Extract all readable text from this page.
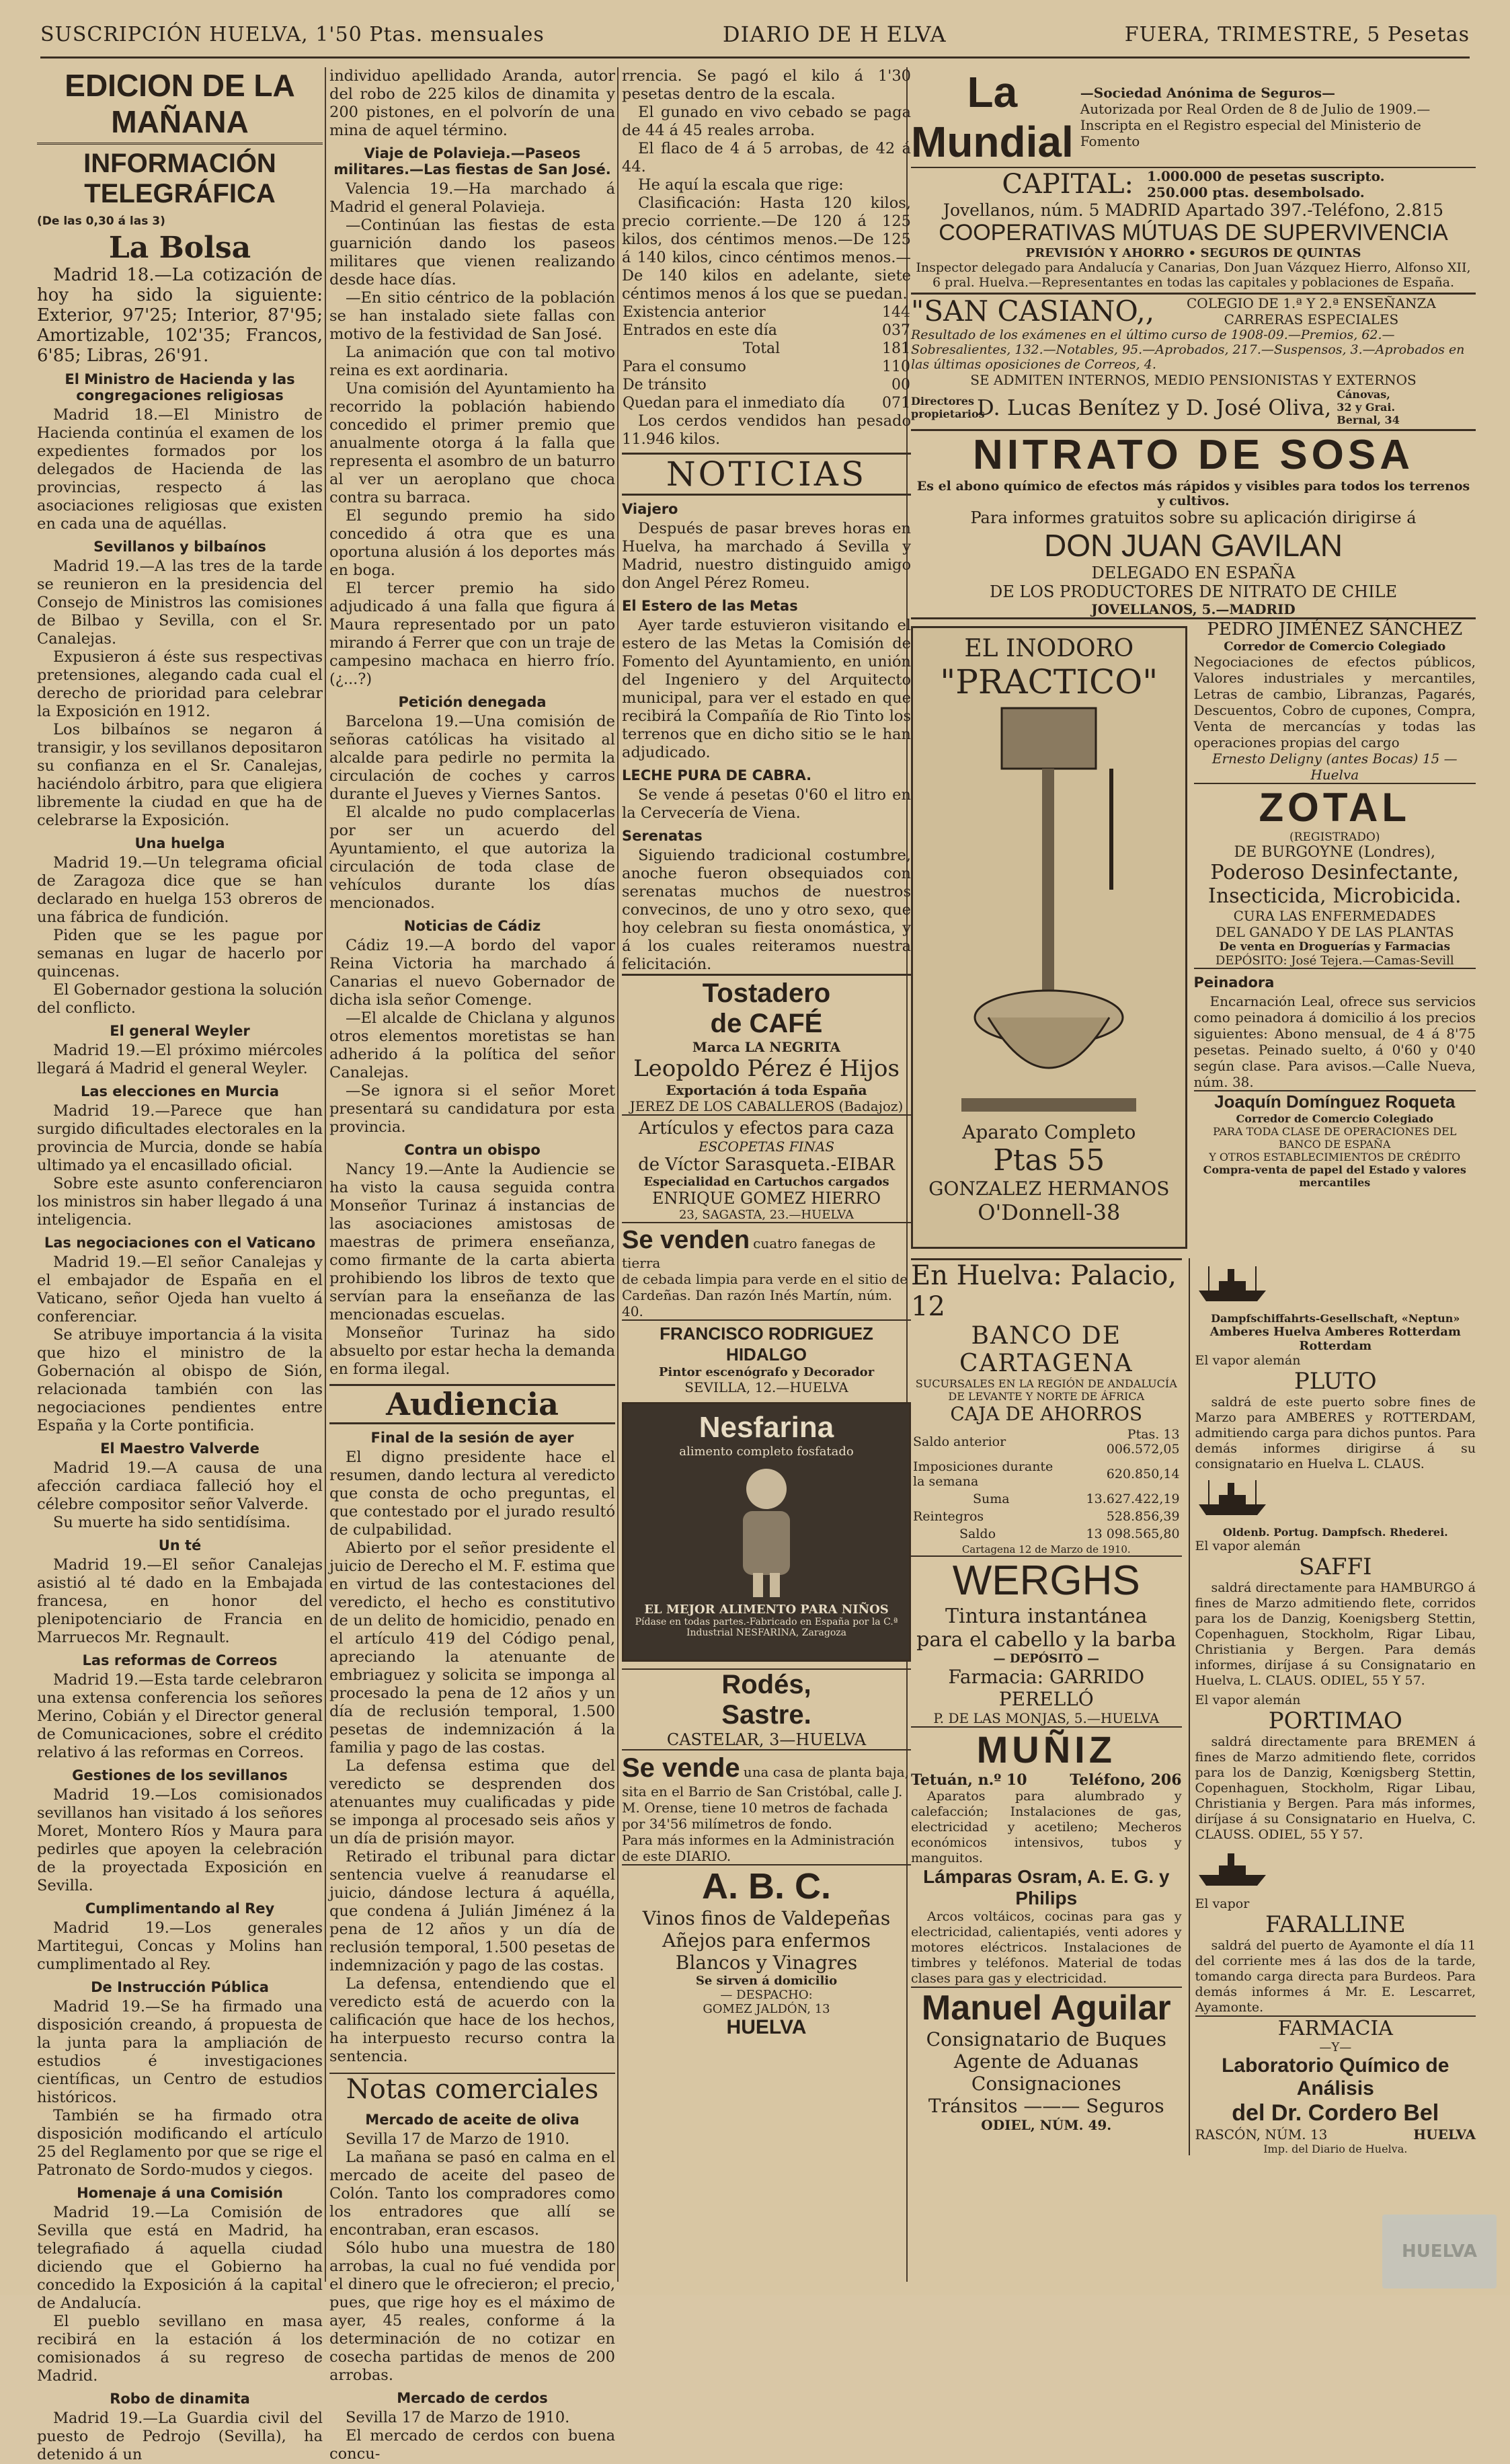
SUSCRIPCIÓN HUELVA, 1'50 Ptas. mensuales	DIARIO DE H ELVA	FUERA, TRIMESTRE, 5 Pesetas
EDICION DE LA MAÑANA
INFORMACIÓN TELEGRÁFICA
(De las 0,30 á las 3)
La Bolsa

Madrid 18.—La cotización de hoy ha sido la siguiente: Exterior, 97'25; Interior, 87'95; Amortizable, 102'35; Francos, 6'85; Libras, 26'91.

El Ministro de Hacienda y las congregaciones religiosas

Madrid 18.—El Ministro de Hacienda continúa el examen de los expedientes formados por los delegados de Hacienda de las provincias, respecto á las asociaciones religiosas que existen en cada una de aquéllas.

Sevillanos y bilbaínos

Madrid 19.—A las tres de la tarde se reunieron en la presidencia del Consejo de Ministros las comisiones de Bilbao y Sevilla, con el Sr. Canalejas.

Expusieron á éste sus respectivas pretensiones, alegando cada cual el derecho de prioridad para celebrar la Exposición en 1912.

Los bilbaínos se negaron á transigir, y los sevillanos depositaron su confianza en el Sr. Canalejas, haciéndolo árbitro, para que eligiera libremente la ciudad en que ha de celebrarse la Exposición.

Una huelga

Madrid 19.—Un telegrama oficial de Zaragoza dice que se han declarado en huelga 153 obreros de una fábrica de fundición.

Piden que se les pague por semanas en lugar de hacerlo por quincenas.

El Gobernador gestiona la solución del conflicto.

El general Weyler

Madrid 19.—El próximo miércoles llegará á Madrid el general Weyler.

Las elecciones en Murcia

Madrid 19.—Parece que han surgido dificultades electorales en la provincia de Murcia, donde se había ultimado ya el encasillado oficial.

Sobre este asunto conferenciaron los ministros sin haber llegado á una inteligencia.

Las negociaciones con el Vaticano

Madrid 19.—El señor Canalejas y el embajador de España en el Vaticano, señor Ojeda han vuelto á conferenciar.

Se atribuye importancia á la visita que hizo el ministro de la Gobernación al obispo de Sión, relacionada también con las negociaciones pendientes entre España y la Corte pontificia.

El Maestro Valverde

Madrid 19.—A causa de una afección cardiaca falleció hoy el célebre compositor señor Valverde.

Su muerte ha sido sentidísima.

Un té

Madrid 19.—El señor Canalejas asistió al té dado en la Embajada francesa, en honor del plenipotenciario de Francia en Marruecos Mr. Regnault.

Las reformas de Correos

Madrid 19.—Esta tarde celebraron una extensa conferencia los señores Merino, Cobián y el Director general de Comunicaciones, sobre el crédito relativo á las reformas en Correos.

Gestiones de los sevillanos

Madrid 19.—Los comisionados sevillanos han visitado á los señores Moret, Montero Ríos y Maura para pedirles que apoyen la celebración de la proyectada Exposición en Sevilla.

Cumplimentando al Rey

Madrid 19.—Los generales Martitegui, Concas y Molins han cumplimentado al Rey.

De Instrucción Pública

Madrid 19.—Se ha firmado una disposición creando, á propuesta de la junta para la ampliación de estudios é investigaciones científicas, un Centro de estudios históricos.

También se ha firmado otra disposición modificando el artículo 25 del Reglamento por que se rige el Patronato de Sordo-mudos y ciegos.

Homenaje á una Comisión

Madrid 19.—La Comisión de Sevilla que está en Madrid, ha telegrafiado á aquella ciudad diciendo que el Gobierno ha concedido la Exposición á la capital de Andalucía.

El pueblo sevillano en masa recibirá en la estación á los comisionados á su regreso de Madrid.

Robo de dinamita

Madrid 19.—La Guardia civil del puesto de Pedrojo (Sevilla), ha detenido á un

individuo apellidado Aranda, autor del robo de 225 kilos de dinamita y 200 pistones, en el polvorín de una mina de aquel término.

Viaje de Polavieja.—Paseos militares.—Las fiestas de San José.

Valencia 19.—Ha marchado á Madrid el general Polavieja.

—Continúan las fiestas de esta guarnición dando los paseos militares que vienen realizando desde hace días.

—En sitio céntrico de la población se han instalado siete fallas con motivo de la festividad de San José.

La animación que con tal motivo reina es ext aordinaria.

Una comisión del Ayuntamiento ha recorrido la población habiendo concedido el primer premio que anualmente otorga á la falla que representa el asombro de un baturro al ver un aeroplano que choca contra su barraca.

El segundo premio ha sido concedido á otra que es una oportuna alusión á los deportes más en boga.

El tercer premio ha sido adjudicado á una falla que figura á Maura representado por un pato mirando á Ferrer que con un traje de campesino machaca en hierro frío. (¿...?)

Petición denegada

Barcelona 19.—Una comisión de señoras católicas ha visitado al alcalde para pedirle no permita la circulación de coches y carros durante el Jueves y Viernes Santos.

El alcalde no pudo complacerlas por ser un acuerdo del Ayuntamiento, el que autoriza la circulación de toda clase de vehículos durante los días mencionados.

Noticias de Cádiz

Cádiz 19.—A bordo del vapor Reina Victoria ha marchado á Canarias el nuevo Gobernador de dicha isla señor Comenge.

—El alcalde de Chiclana y algunos otros elementos moretistas se han adherido á la política del señor Canalejas.

—Se ignora si el señor Moret presentará su candidatura por esta provincia.

Contra un obispo

Nancy 19.—Ante la Audiencie se ha visto la causa seguida contra Monseñor Turinaz á instancias de las asociaciones amistosas de maestras de primera enseñanza, como firmante de la carta abierta prohibiendo los libros de texto que servían para la enseñanza de las mencionadas escuelas.

Monseñor Turinaz ha sido absuelto por estar hecha la demanda en forma ilegal.

Audiencia
Final de la sesión de ayer

El digno presidente hace el resumen, dando lectura al veredicto que consta de ocho preguntas, el que contestado por el jurado resultó de culpabilidad.

Abierto por el señor presidente el juicio de Derecho el M. F. estima que en virtud de las contestaciones del veredicto, el hecho es constitutivo de un delito de homicidio, penado en el artículo 419 del Código penal, apreciando la atenuante de embriaguez y solicita se imponga al procesado la pena de 12 años y un día de reclusión temporal, 1.500 pesetas de indemnización á la familia y pago de las costas.

La defensa estima que del veredicto se desprenden dos atenuantes muy cualificadas y pide se imponga al procesado seis años y un día de prisión mayor.

Retirado el tribunal para dictar sentencia vuelve á reanudarse el juicio, dándose lectura á aquélla, que condena á Julián Jiménez á la pena de 12 años y un día de reclusión temporal, 1.500 pesetas de indemnización y pago de las costas.

La defensa, entendiendo que el veredicto está de acuerdo con la calificación que hace de los hechos, ha interpuesto recurso contra la sentencia.

Notas comerciales
Mercado de aceite de oliva

Sevilla 17 de Marzo de 1910.

La mañana se pasó en calma en el mercado de aceite del paseo de Colón. Tanto los compradores como los entradores que allí se encontraban, eran escasos.

Sólo hubo una muestra de 180 arrobas, la cual no fué vendida por el dinero que le ofrecieron; el precio, pues, que rige hoy es el máximo de ayer, 45 reales, conforme á la determinación de no cotizar en cosecha partidas de menos de 200 arrobas.

Mercado de cerdos

Sevilla 17 de Marzo de 1910.

El mercado de cerdos con buena concu-

rrencia. Se pagó el kilo á 1'30 pesetas dentro de la escala.

El gunado en vivo cebado se paga de 44 á 45 reales arroba.

El flaco de 4 á 5 arrobas, de 42 á 44.

He aquí la escala que rige:

Clasificación: Hasta 120 kilos, precio corriente.—De 120 á 125 kilos, dos céntimos menos.—De 125 á 140 kilos, cinco céntimos menos.—De 140 kilos en adelante, siete céntimos menos á los que se puedan.

Existencia anterior	144
Entrados en este día	037
Total	181
Para el consumo	110
De tránsito	00
Quedan para el inmediato día	071

Los cerdos vendidos han pesado 11.946 kilos.

NOTICIAS
Viajero

Después de pasar breves horas en Huelva, ha marchado á Sevilla y Madrid, nuestro distinguido amigo don Angel Pérez Romeu.

El Estero de las Metas

Ayer tarde estuvieron visitando el estero de las Metas la Comisión de Fomento del Ayuntamiento, en unión del Ingeniero y del Arquitecto municipal, para ver el estado en que recibirá la Compañía de Rio Tinto los terrenos que en dicho sitio se le han adjudicado.

LECHE PURA DE CABRA.

Se vende á pesetas 0'60 el litro en la Cervecería de Viena.

Serenatas

Siguiendo tradicional costumbre, anoche fueron obsequiados con serenatas muchos de nuestros convecinos, de uno y otro sexo, que hoy celebran su fiesta onomástica, y á los cuales reiteramos nuestra felicitación.

Tostadero
de CAFÉ
Marca LA NEGRITA
Leopoldo Pérez é Hijos
Exportación á toda España
JEREZ DE LOS CABALLEROS (Badajoz)
Artículos y efectos para caza
ESCOPETAS FINAS
de Víctor Sarasqueta.-EIBAR
Especialidad en Cartuchos cargados
ENRIQUE GOMEZ HIERRO
23, SAGASTA, 23.—HUELVA
Se venden cuatro fanegas de tierra
de cebada limpia para verde en el sitio de Cardeñas. Dan razón Inés Martín, núm. 40.
FRANCISCO RODRIGUEZ HIDALGO
Pintor escenógrafo y Decorador
SEVILLA, 12.—HUELVA
Nesfarina
alimento completo fosfatado
EL MEJOR ALIMENTO PARA NIÑOS
Pídase en todas partes.-Fabricado en España por la C.ª Industrial NESFARINA, Zaragoza
Rodés,
Sastre.
CASTELAR, 3—HUELVA
Se vende una casa de planta baja, sita en el Barrio de San Cristóbal, calle J. M. Orense, tiene 10 metros de fachada por 34'56 milímetros de fondo.
Para más informes en la Administración de este DIARIO.
A. B. C.
Vinos finos de Valdepeñas
Añejos para enfermos
Blancos y Vinagres
Se sirven á domicilio
— DESPACHO:
GOMEZ JALDÓN, 13
HUELVA
La Mundial
—Sociedad Anónima de Seguros—
Autorizada por Real Orden de 8 de Julio de 1909.—Inscripta en el Registro especial del Ministerio de Fomento
CAPITAL: 1.000.000 de pesetas suscripto.
250.000 ptas. desembolsado.
Jovellanos, núm. 5 MADRID Apartado 397.-Teléfono, 2.815
COOPERATIVAS MÚTUAS DE SUPERVIVENCIA
PREVISIÓN Y AHORRO • SEGUROS DE QUINTAS
Inspector delegado para Andalucía y Canarias, Don Juan Vázquez Hierro, Alfonso XII, 6 pral. Huelva.—Representantes en todas las capitales y poblaciones de España.
"SAN CASIANO,,	COLEGIO DE 1.ª Y 2.ª ENSEÑANZA
CARRERAS ESPECIALES
Resultado de los exámenes en el último curso de 1908-09.—Premios, 62.—Sobresalientes, 132.—Notables, 95.—Aprobados, 217.—Suspensos, 3.—Aprobados en las últimas oposiciones de Correos, 4.
SE ADMITEN INTERNOS, MEDIO PENSIONISTAS Y EXTERNOS
Directores propietarios
D. Lucas Benítez y D. José Oliva, Cánovas, 32 y Grai. Bernal, 34
NITRATO DE SOSA
Es el abono químico de efectos más rápidos y visibles para todos los terrenos y cultivos.
Para informes gratuitos sobre su aplicación dirigirse á
DON JUAN GAVILAN
DELEGADO EN ESPAÑA
DE LOS PRODUCTORES DE NITRATO DE CHILE
JOVELLANOS, 5.—MADRID
EL INODORO
"PRACTICO"
Aparato Completo
Ptas 55
GONZALEZ HERMANOS
O'Donnell-38
PEDRO JIMÉNEZ SÁNCHEZ
Corredor de Comercio Colegiado
Negociaciones de efectos públicos, Valores industriales y mercantiles, Letras de cambio, Libranzas, Pagarés, Descuentos, Cobro de cupones, Compra, Venta de mercancías y todas las operaciones propias del cargo
Ernesto Deligny (antes Bocas) 15 —Huelva
ZOTAL
(REGISTRADO)
DE BURGOYNE (Londres),
Poderoso Desinfectante,
Insecticida, Microbicida.
CURA LAS ENFERMEDADES
DEL GANADO Y DE LAS PLANTAS
De venta en Droguerías y Farmacias
DEPÓSITO: José Tejera.—Camas-Sevill
Peinadora
Encarnación Leal, ofrece sus servicios como peinadora á domicilio á los precios siguientes: Abono mensual, de 4 á 8'75 pesetas. Peinado suelto, á 0'60 y 0'40 según clase. Para avisos.—Calle Nueva, núm. 38.
Joaquín Domínguez Roqueta
Corredor de Comercio Colegiado
PARA TODA CLASE DE OPERACIONES DEL BANCO DE ESPAÑA
Y OTROS ESTABLECIMIENTOS DE CRÉDITO
Compra-venta de papel del Estado y valores mercantiles
En Huelva: Palacio, 12
BANCO DE CARTAGENA
SUCURSALES EN LA REGIÓN DE ANDALUCÍA DE LEVANTE Y NORTE DE ÁFRICA
CAJA DE AHORROS
Saldo anterior	Ptas. 13 006.572,05
Imposiciones durante la semana	620.850,14
Suma	13.627.422,19
Reintegros	528.856,39
Saldo	13 098.565,80
Cartagena 12 de Marzo de 1910.
WERGHS
Tintura instantánea
para el cabello y la barba
— DEPÓSITO —
Farmacia: GARRIDO PERELLÓ
P. DE LAS MONJAS, 5.—HUELVA
MUÑIZ
Tetuán, n.º 10	Teléfono, 206
Aparatos para alumbrado y calefacción; Instalaciones de gas, electricidad y acetileno; Mecheros económicos intensivos, tubos y manguitos.
Lámparas Osram, A. E. G. y Philips
Arcos voltáicos, cocinas para gas y electricidad, calientapiés, venti adores y motores eléctricos. Instalaciones de timbres y teléfonos. Material de todas clases para gas y electricidad.
Manuel Aguilar
Consignatario de Buques
Agente de Aduanas
Consignaciones
Tránsitos ——— Seguros
ODIEL, NÚM. 49.
Dampfschiffahrts-Gesellschaft, «Neptun»
Amberes Huelva Amberes Rotterdam Rotterdam
El vapor alemán
PLUTO
saldrá de este puerto sobre fines de Marzo para AMBERES y ROTTERDAM, admitiendo carga para dichos puntos. Para demás informes dirigirse á su consignatario en Huelva L. CLAUS.
Oldenb. Portug. Dampfsch. Rhederei.
El vapor alemán
SAFFI
saldrá directamente para HAMBURGO á fines de Marzo admitiendo flete, corridos para los de Danzig, Koenigsberg Stettin, Copenhaguen, Stockholm, Rigar Libau, Christiania y Bergen. Para demás informes, diríjase á su Consignatario en Huelva, L. CLAUS. ODIEL, 55 Y 57.
El vapor alemán
PORTIMAO
saldrá directamente para BREMEN á fines de Marzo admitiendo flete, corridos para los de Danzig, Kœnigsberg Stettin, Copenhaguen, Stockholm, Rigar Libau, Christiania y Bergen. Para más informes, diríjase á su Consignatario en Huelva, C. CLAUSS. ODIEL, 55 Y 57.
El vapor
FARALLINE
saldrá del puerto de Ayamonte el día 11 del corriente mes á las dos de la tarde, tomando carga directa para Burdeos. Para demás informes á Mr. E. Lescarret, Ayamonte.
FARMACIA
—Y—
Laboratorio Químico de Análisis
del Dr. Cordero Bel
RASCÓN, NÚM. 13	HUELVA
Imp. del Diario de Huelva.
HUELVA
